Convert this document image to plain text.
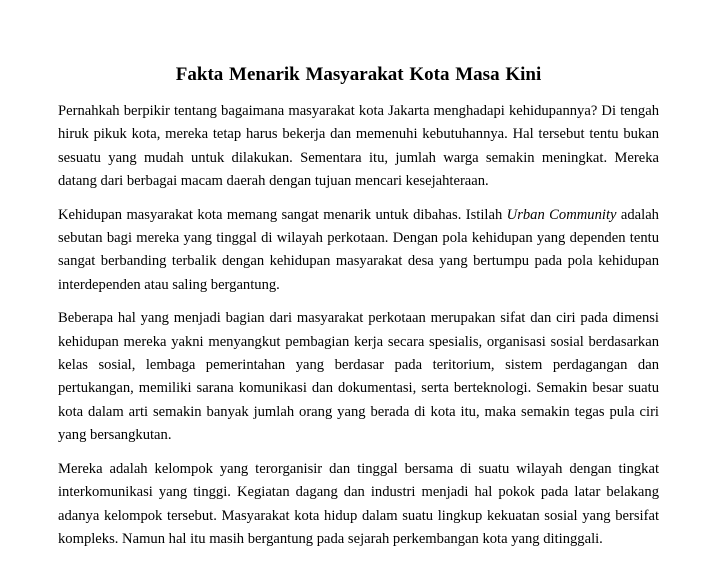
Fakta Menarik Masyarakat Kota Masa Kini

Pernahkah berpikir tentang bagaimana masyarakat kota Jakarta menghadapi kehidupannya? Di tengah hiruk pikuk kota, mereka tetap harus bekerja dan memenuhi kebutuhannya. Hal tersebut tentu bukan sesuatu yang mudah untuk dilakukan. Sementara itu, jumlah warga semakin meningkat. Mereka datang dari berbagai macam daerah dengan tujuan mencari kesejahteraan.

Kehidupan masyarakat kota memang sangat menarik untuk dibahas. Istilah Urban Community adalah sebutan bagi mereka yang tinggal di wilayah perkotaan. Dengan pola kehidupan yang dependen tentu sangat berbanding terbalik dengan kehidupan masyarakat desa yang bertumpu pada pola kehidupan interdependen atau saling bergantung.

Beberapa hal yang menjadi bagian dari masyarakat perkotaan merupakan sifat dan ciri pada dimensi kehidupan mereka yakni menyangkut pembagian kerja secara spesialis, organisasi sosial berdasarkan kelas sosial, lembaga pemerintahan yang berdasar pada teritorium, sistem perdagangan dan pertukangan, memiliki sarana komunikasi dan dokumentasi, serta berteknologi. Semakin besar suatu kota dalam arti semakin banyak jumlah orang yang berada di kota itu, maka semakin tegas pula ciri yang bersangkutan.

Mereka adalah kelompok yang terorganisir dan tinggal bersama di suatu wilayah dengan tingkat interkomunikasi yang tinggi. Kegiatan dagang dan industri menjadi hal pokok pada latar belakang adanya kelompok tersebut. Masyarakat kota hidup dalam suatu lingkup kekuatan sosial yang bersifat kompleks. Namun hal itu masih bergantung pada sejarah perkembangan kota yang ditinggali.
